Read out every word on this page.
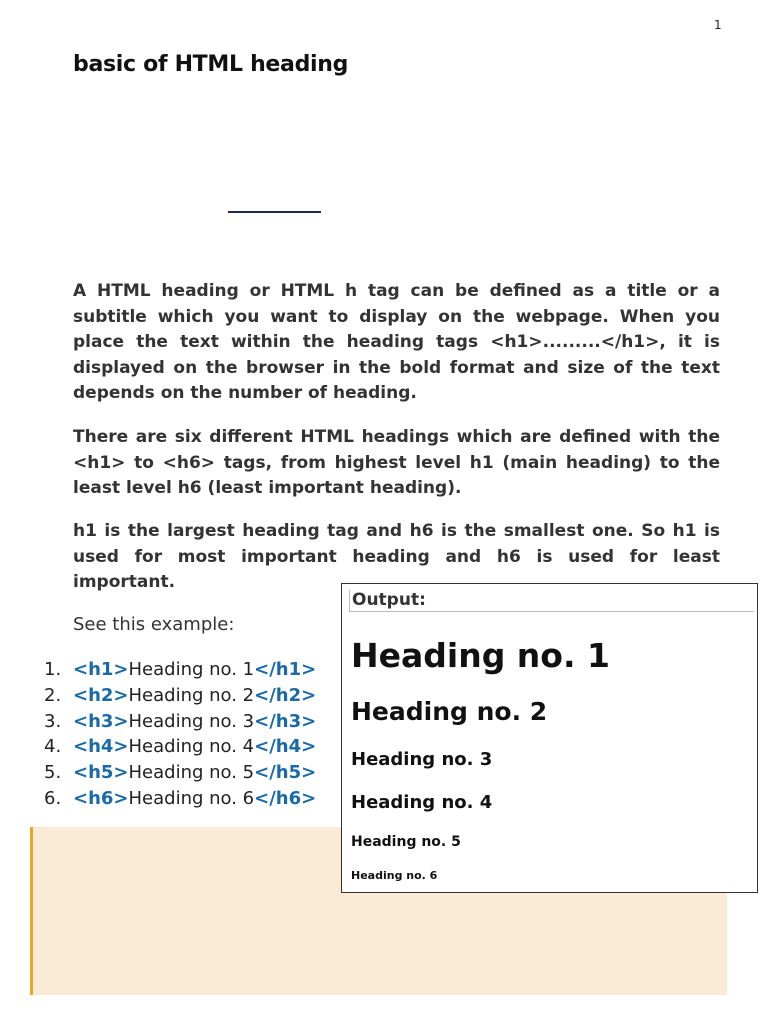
1
basic of HTML heading

A HTML heading or HTML h tag can be defined as a title or a subtitle which you want to display on the webpage. When you place the text within the heading tags <h1>.........</h1>, it is displayed on the browser in the bold format and size of the text depends on the number of heading.

There are six different HTML headings which are defined with the <h1> to <h6> tags, from highest level h1 (main heading) to the least level h6 (least important heading).

h1 is the largest heading tag and h6 is the smallest one. So h1 is used for most important heading and h6 is used for least important.

See this example:

1. <h1>Heading no. 1</h1>
2. <h2>Heading no. 2</h2>
3. <h3>Heading no. 3</h3>
4. <h4>Heading no. 4</h4>
5. <h5>Heading no. 5</h5>
6. <h6>Heading no. 6</h6>

Output:

Heading no. 1

Heading no. 2

Heading no. 3

Heading no. 4

Heading no. 5

Heading no. 6
